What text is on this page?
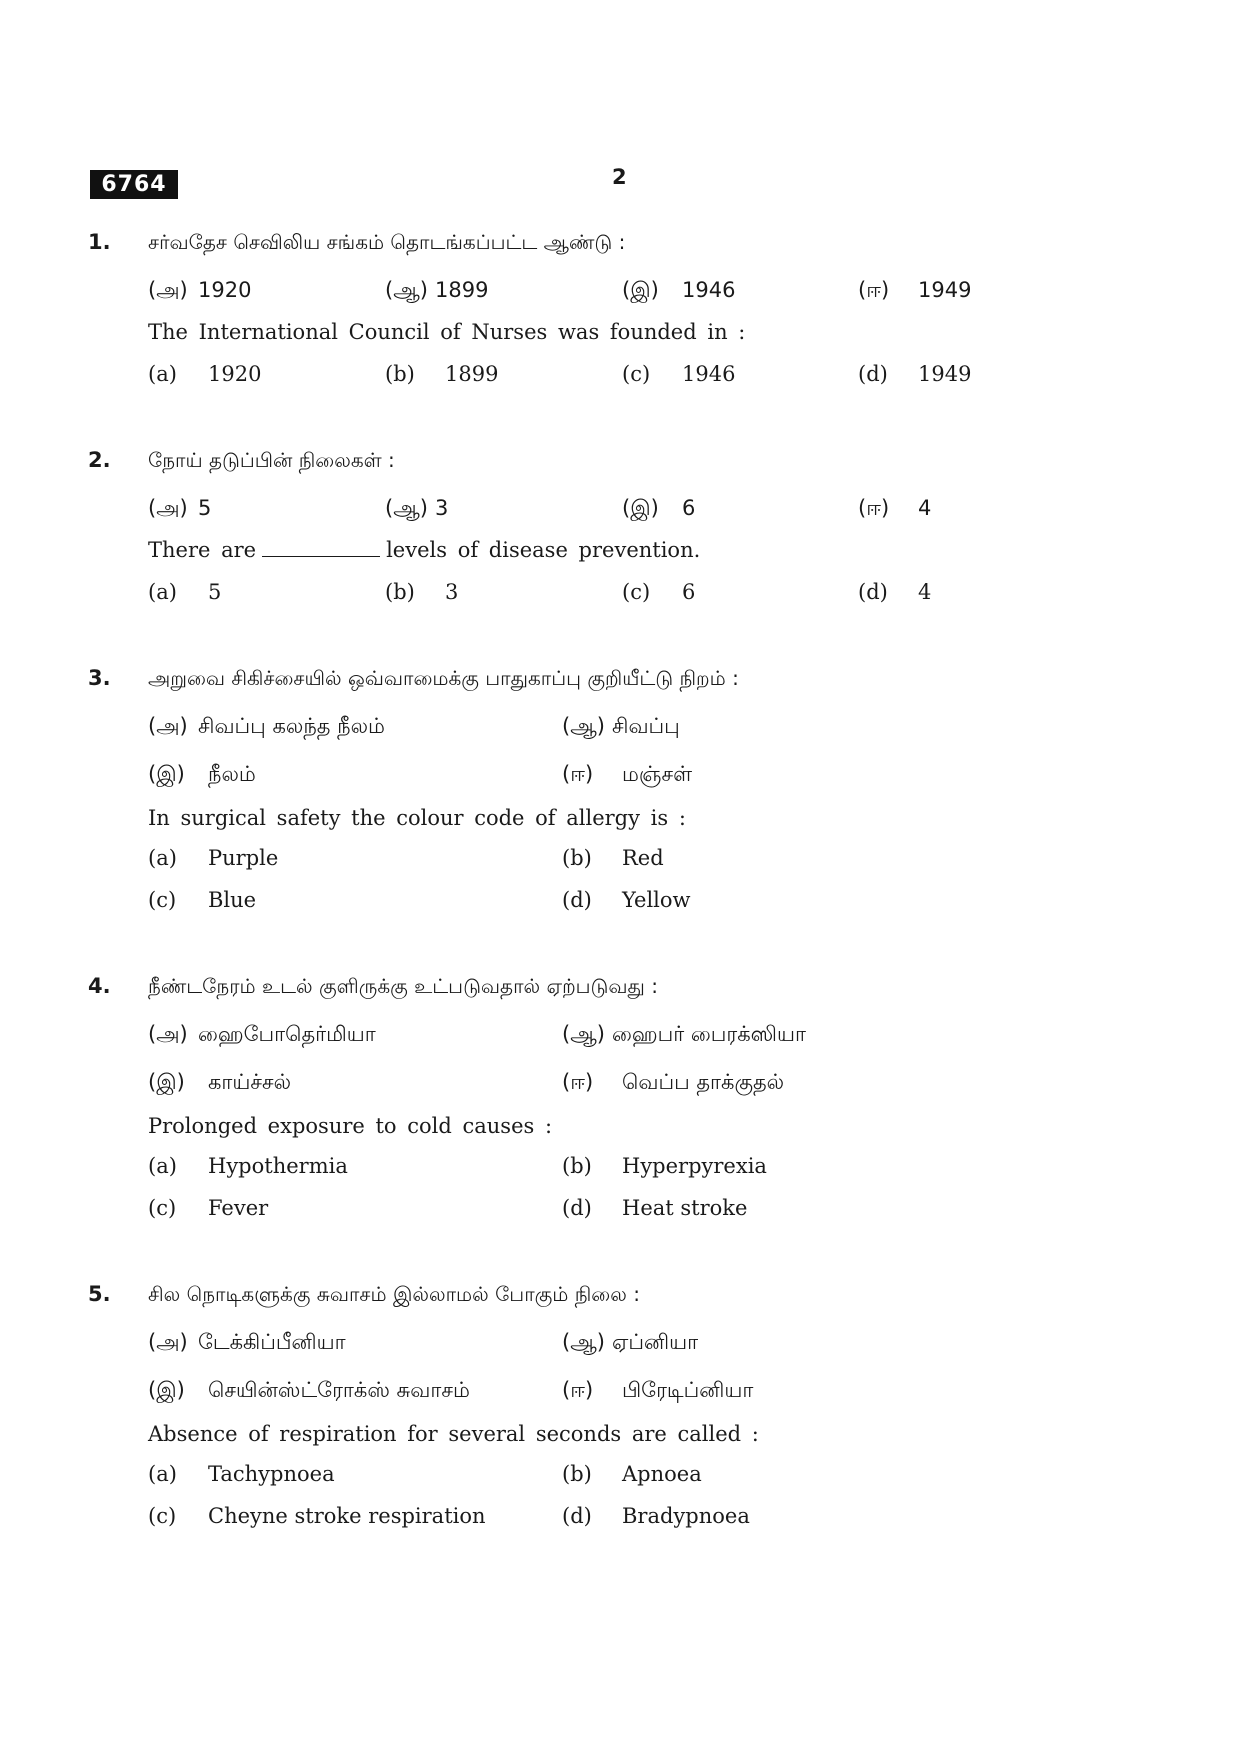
6764	2
1. சர்வதேச செவிலிய சங்கம் தொடங்கப்பட்ட ஆண்டு :
(அ) 1920	(ஆ) 1899	(இ) 1946	(ஈ) 1949
The International Council of Nurses was founded in :
(a) 1920	(b) 1899	(c) 1946	(d) 1949
2. நோய் தடுப்பின் நிலைகள் :
(அ) 5	(ஆ) 3	(இ) 6	(ஈ) 4
There are	levels of disease prevention.
(a) 5	(b) 3	(c) 6	(d) 4
3. அறுவை சிகிச்சையில் ஒவ்வாமைக்கு பாதுகாப்பு குறியீட்டு நிறம் :
(அ) சிவப்பு கலந்த நீலம்	(ஆ) சிவப்பு
(இ) நீலம்	(ஈ) மஞ்சள்
In surgical safety the colour code of allergy is :
(a) Purple	(b) Red
(c) Blue	(d) Yellow
4. நீண்டநேரம் உடல் குளிருக்கு உட்படுவதால் ஏற்படுவது :
(அ) ஹைபோதெர்மியா	(ஆ) ஹைபர் பைரக்ஸியா
(இ) காய்ச்சல்	(ஈ) வெப்ப தாக்குதல்
Prolonged exposure to cold causes :
(a) Hypothermia	(b) Hyperpyrexia
(c) Fever	(d) Heat stroke
5. சில நொடிகளுக்கு சுவாசம் இல்லாமல் போகும் நிலை :
(அ) டேக்கிப்பீனியா	(ஆ) ஏப்னியா
(இ) செயின்ஸ்ட்ரோக்ஸ் சுவாசம்	(ஈ) பிரேடிப்னியா
Absence of respiration for several seconds are called :
(a) Tachypnoea	(b) Apnoea
(c) Cheyne stroke respiration	(d) Bradypnoea
